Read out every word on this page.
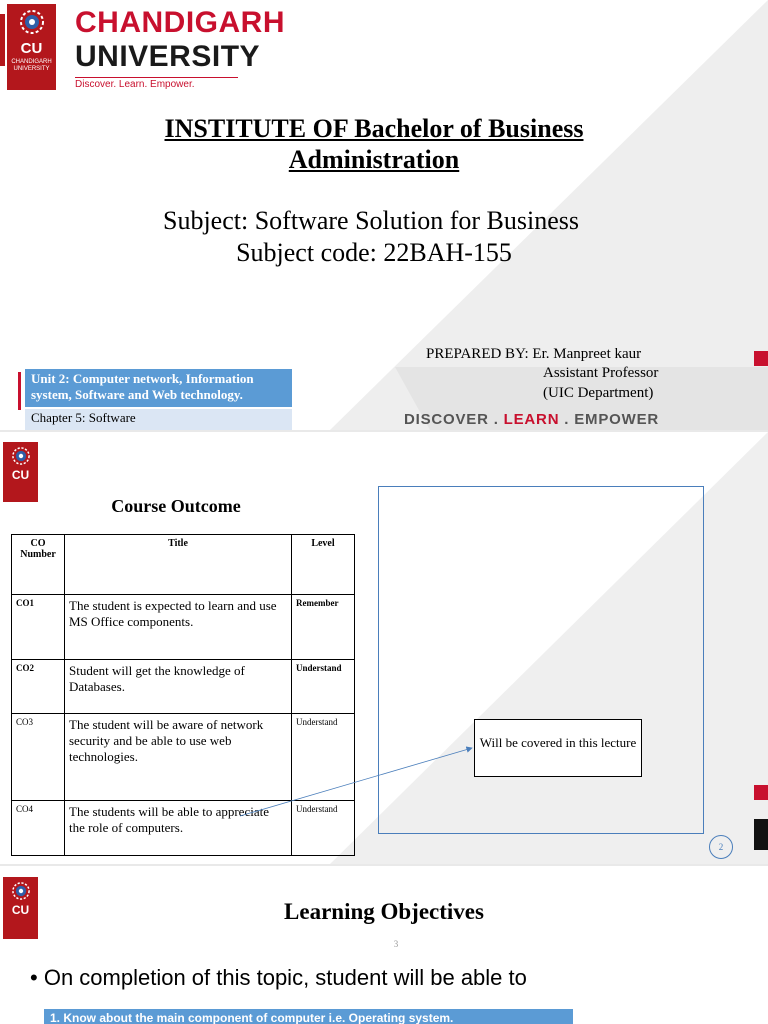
CU
CHANDIGARH
UNIVERSITY
CHANDIGARH
UNIVERSITY
Discover. Learn. Empower.
INSTITUTE OF Bachelor of Business
Administration
Subject: Software Solution for Business
Subject code: 22BAH-155
PREPARED BY: Er. Manpreet kaur
Assistant Professor
(UIC Department)
Unit 2: Computer network, Information system, Software and Web technology.
Chapter 5: Software	DISCOVER . LEARN . EMPOWER
CU
Course Outcome
CO Number	Title	Level
CO1	The student is expected to learn and use MS Office components.	Remember
CO2	Student will get the knowledge of Databases.	Understand
CO3	The student will be aware of network security and be able to use web technologies.	Understand
CO4	The students will be able to appreciate the role of computers.	Understand
Will be covered in this lecture
2
CU	Learning Objectives
3
• On completion of this topic, student will be able to
1. Know about the main component of computer i.e. Operating system.
